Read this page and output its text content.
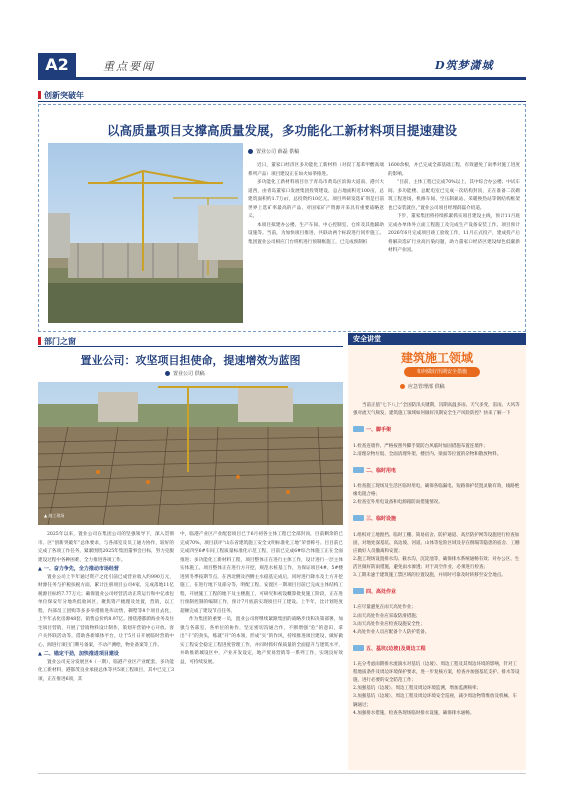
A2	重点要闻	D筑梦潇城
创新突破年
以高质量项目支撑高质量发展，多功能化工新材料项目提速建设
置业公司 薛磊 供稿

近日，董家口经济区多功能化工新材料（对叔丁基苯甲酸高端系列产品）项目建设正在如火如荼推进。

多功能化工新材料项目位于青岛市黄岛区滨海大道南、港兴大道西，由青岛董家口发展集团投资建设，总占地面积近100亩，总建筑面积约1.7万㎡，总投资约10亿元。项目所研发选矿剂是目前世界上选矿率最高的产品，对国家矿产资源开采具有重要战略意义。

本项目拟建办公楼、生产车间、中心控制室、仓库及其他辅助设施等。当前，为加快项目推进，共联动两个标段进行同步施工。集团置业公司相应门台班机进行预制框施工，已完成预制桩

1600余根，并已完成全部基础工程，有效避免了雨季对施工进度的影响。

“目前，主体工程已完成70%以上，其中综合办公楼、中试车间、多功能楼、总配电室已完成一次结构封顶，正在准备二次砌筑工程进场，机修车间、空压制氮站、采暖换热站等钢结构框架也已安装就位，”置业公司项目经理薛磊介绍道。

下步，董家集团将持续抓紧抓实项目建设主线，预计11月底完成办单体外立面工程施工及完成生产设备安装工作。项目预计2026年6月完成项目竣工验收工作，11月正式投产，建成投产后将解决选矿行业高污染问题，助力董家口经济区建设绿色低碳新材料产业园。

部门之窗
置业公司：攻坚项目担使命，提速增效为蓝图
置业公司 供稿
▲ 施工现场

2025年以来，置业公司在集团公司的坚强领导下，深入贯彻市、区“创新突破年”总体要求，与各部室及员工通力协作，较好的完成了各项工作任务，紧紧围绕2025年集团董事会目标，努力克服建设过程中各种困难，全力推进各项工作。

▲ 一、奋力争先，全力推动市场经营

置业公司上半年通过资产之化引前已成营业收入约990万元，财源任务与护税扶税方面，累计注册项目公司4家，完成落地11亿税源目标约7.77万元；确保置业公司经营活动正常运行和中亿承包单位保安年分地块低收回区，聚焦资产梳理及处置，营销，以工程，内部员工团购等多多举措推进库动售，御墅等8个项目去化，上半年去化房源48套，销售总价约8.97亿。围绕港都蔚海业务及住宅项目营销，开展了营销物料设计制作，策划开营销中心开放、客户关怀联活动等，借助各新媒体平台，让于5月日开展临时营销中心，阀进行项目门牌号备案，不动产测绘，物业备案等工作。

▲ 二、锚定干劲，加快推进项目建设

置业公司充分发展区4（一期），临港产业区产业配套，多功能化工新材料，港都茂良业承接总体等共5项工程项目，其中已完工3项，正在推进6项，其

中，临港产业区产业配套项目已于6月初各主体工程已全部封顶，目前剩余的已完成70%，项目获评“山东省建筑施工安全文明标准化工地”荣誉称号。目目前已完成四至6#车间工程质量标准化示范工程，目前已完成6#综合体施工正在全面推进；多功能化工新材料工程，项目整体正在进行主体工作，设计进行一层主体实体施工。项目整体正在进行方开挖，规范水桩基工作，为保证项目4#、5#楼进到冬季按期节点，在西北侧及西侧主水稳基完成后，同时进行降水及土方开挖施工，在进行地下及部分等，明配工程、安置区一期项目目前已完成主体结构工程，开展施工工程的地下及主楼施工，可研究和初设概算批复施工阶段，正在进行预制控制的编制工作，预计7月底前实现项目开工建设。上半年，比计划进度超额完成了建设节点任务。

作为集团的重要一员，置业公司将继续紧跟集团的战略步伐和决策部署，加强与各部室、各单位的协作，坚定密切沟通合作，不断增强“危”的意识，拿出“干”的劲头，练就“开”的本领，形成“实”的作风，持续推进项目建设，做好做实工程安全稳定工程进度管理工作，并同时抓好保质量的全面提升与建筑水平，并助推新城设区中，产业开发设定，地产贸易营销等一系列工作，实现良好效益，可持续发展。

安全讲堂
建筑施工领域
如何做好汛期安全措施
应急管理部 供稿

当前正值“七下八上”全国防汛关键期，汛期高温多雨、天气多变，雷雨、大风等强对流天气频发，建筑施工领域如何做好汛期安全生产风险防控？快来了解一下

一、脚手架

1.检查连墙件、严格按照外脚手架防台风临时加固措施布置连墙件；
2.清理杂物垃圾、全面清理外架、楼层内、梁面等位置的杂物和散放物料。

二、临时用电

1.检查施工现场及生活区临时用电，确保各临漏电、短路保护装置灵敏有效，线路绝缘电阻合格；
2.检查室外用电设备和电源箱防雨措施情况。

三、临时设施

1.组织对工地围挡、临时工棚、简易宿舍、防护通道、高层防护网等设施进行检查加固，对地处深基坑、高边坡、河道、山体等危险区域及存在倒塌等隐患的宿舍、工棚应做好人员撤离和安置；
2.施工现场设置排水沟、截水沟，沉淀池等，确保排水系统通畅有效；对办公区、生活区做好防雨措施，避免雨水渗透；对于高空作业，必须进行检查；
3.工期未逾于建筑施工禁区域的位置设施，并同时可靠及时转移至安全地点。

四、高处作业

1.应尽量避免在雨天高处作业；
2.雨天高处作业应采取防滑措施；
3.雨天高处作业应检查设施安全性；
4.高处作业人员应配备个人防护装备。

五、基坑(边坡)及周边工程

1.充分考虑雨期排水流淌水对基坑（边坡）、周边工程及其周边环境的影响，针对工程地质条件及周边环境保护要求，进一步复核方案，检查并加强基坑支护、排水等设施，进行必要的安全防范工作；
2.加强基坑（边坡）、周边工程及周边环境监测，增加监测频率；
3.加强基坑（边坡）、周边工程及周边环境安全巡视，减少周边物资堆放及机械、车辆通过；
4.加强排水措施，检查各现场临时排水设施，确保排水通畅。
